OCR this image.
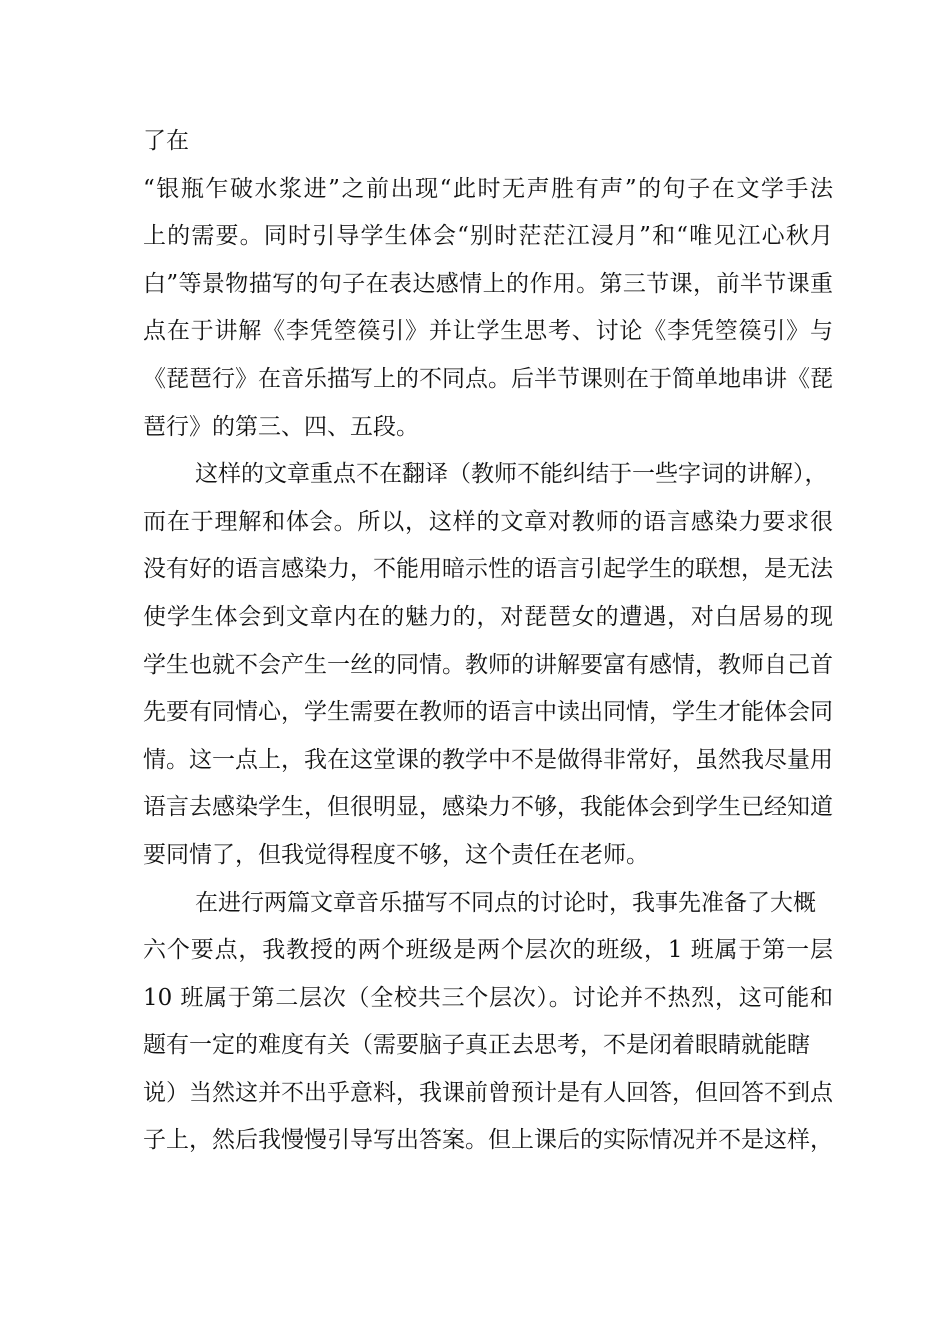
了在
“银瓶乍破水浆进”之前出现“此时无声胜有声”的句子在文学手法
上的需要。同时引导学生体会“别时茫茫江浸月”和“唯见江心秋月
白”等景物描写的句子在表达感情上的作用。第三节课，前半节课重
点在于讲解《李凭箜篌引》并让学生思考、讨论《李凭箜篌引》与
《琵琶行》在音乐描写上的不同点。后半节课则在于简单地串讲《琵
琶行》的第三、四、五段。
这样的文章重点不在翻译（教师不能纠结于一些字词的讲解），
而在于理解和体会。所以，这样的文章对教师的语言感染力要求很
没有好的语言感染力，不能用暗示性的语言引起学生的联想，是无法
使学生体会到文章内在的魅力的，对琵琶女的遭遇，对白居易的现
学生也就不会产生一丝的同情。教师的讲解要富有感情，教师自己首
先要有同情心，学生需要在教师的语言中读出同情，学生才能体会同
情。这一点上，我在这堂课的教学中不是做得非常好，虽然我尽量用
语言去感染学生，但很明显，感染力不够，我能体会到学生已经知道
要同情了，但我觉得程度不够，这个责任在老师。
在进行两篇文章音乐描写不同点的讨论时，我事先准备了大概
六个要点，我教授的两个班级是两个层次的班级，1 班属于第一层
10 班属于第二层次（全校共三个层次）。讨论并不热烈，这可能和
题有一定的难度有关（需要脑子真正去思考，不是闭着眼睛就能瞎
说）当然这并不出乎意料，我课前曾预计是有人回答，但回答不到点
子上，然后我慢慢引导写出答案。但上课后的实际情况并不是这样，
